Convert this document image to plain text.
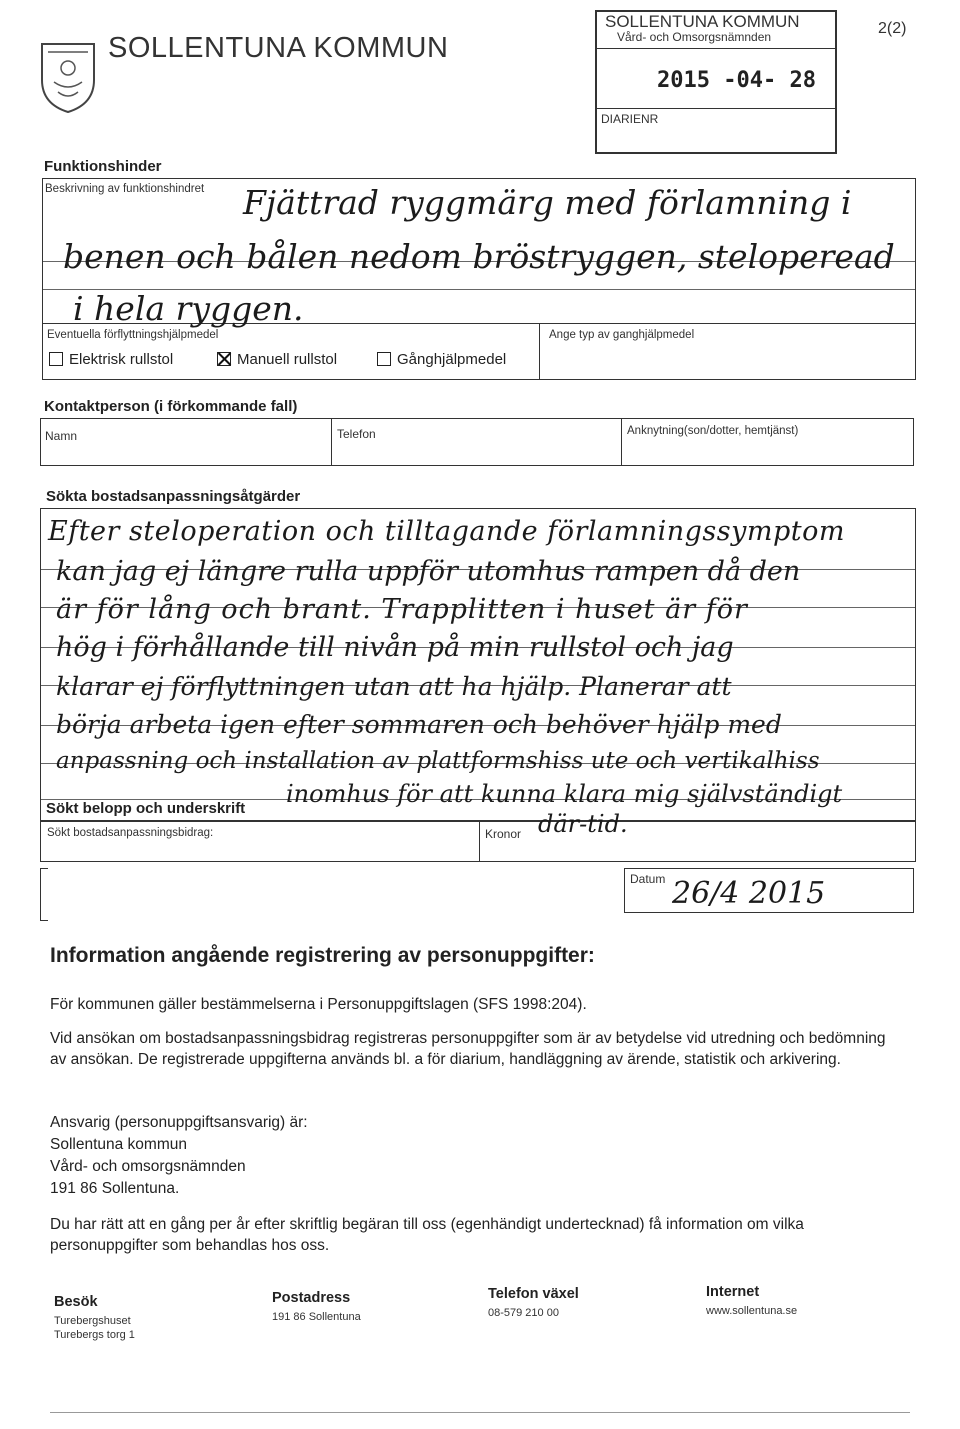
SOLLENTUNA KOMMUN
SOLLENTUNA KOMMUN
Vård- och Omsorgsnämnden
2015 -04- 28
DIARIENR
2(2)
Funktionshinder
Beskrivning av funktionshindret Fjättrad ryggmärg med förlamning i
benen och bålen nedom bröstryggen, steloperead
i hela ryggen.
Eventuella förflyttningshjälpmedel
Elektrisk rullstol	Manuell rullstol	Gånghjälpmedel
Ange typ av ganghjälpmedel
Kontaktperson (i förkommande fall)
Namn	Telefon	Anknytning(son/dotter, hemtjänst)
Sökta bostadsanpassningsåtgärder
Efter steloperation och tilltagande förlamningssymptom
kan jag ej längre rulla uppför utomhus rampen då den
är för lång och brant. Trapplitten i huset är för
hög i förhållande till nivån på min rullstol och jag
klarar ej förflyttningen utan att ha hjälp. Planerar att
börja arbeta igen efter sommaren och behöver hjälp med
anpassning och installation av plattformshiss ute och vertikalhiss
inomhus för att kunna klara mig självständigt
Sökt belopp och underskrift
Sökt bostadsanpassningsbidrag:	Kronor där-tid.
Datum 26/4 2015
Information angående registrering av personuppgifter:
För kommunen gäller bestämmelserna i Personuppgiftslagen (SFS 1998:204).
Vid ansökan om bostadsanpassningsbidrag registreras personuppgifter som är av betydelse vid utredning och bedömning av ansökan. De registrerade uppgifterna används bl. a för diarium, handläggning av ärende, statistik och arkivering.
Ansvarig (personuppgiftsansvarig) är:
Sollentuna kommun
Vård- och omsorgsnämnden
191 86 Sollentuna.
Du har rätt att en gång per år efter skriftlig begäran till oss (egenhändigt undertecknad) få information om vilka personuppgifter som behandlas hos oss.
Besök
Turebergshuset
Turebergs torg 1
Postadress
191 86 Sollentuna
Telefon växel
08-579 210 00
Internet
www.sollentuna.se
